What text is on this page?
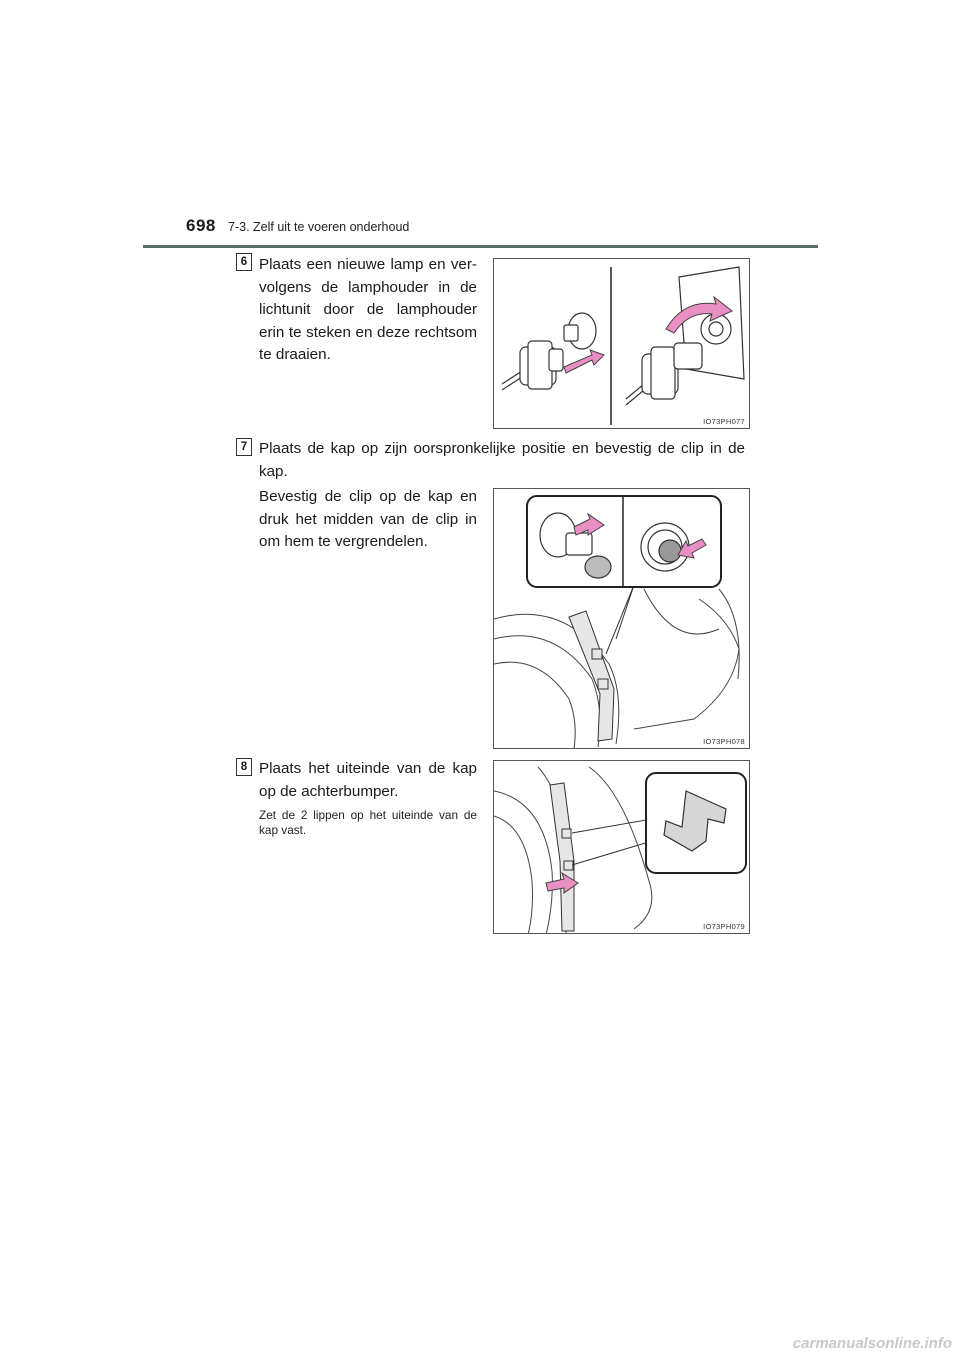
698 7-3. Zelf uit te voeren onderhoud
6 Plaats een nieuwe lamp en ver-volgens de lamphouder in de lichtunit door de lamphouder erin te steken en deze rechtsom te draaien.

IO73PH077
7 Plaats de kap op zijn oorspronkelijke positie en bevestig de clip in de kap.

Bevestig de clip op de kap en druk het midden van de clip in om hem te vergrendelen.

IO73PH078
8 Plaats het uiteinde van de kap op de achterbumper.

Zet de 2 lippen op het uiteinde van de kap vast.

IO73PH079
carmanualsonline.info
